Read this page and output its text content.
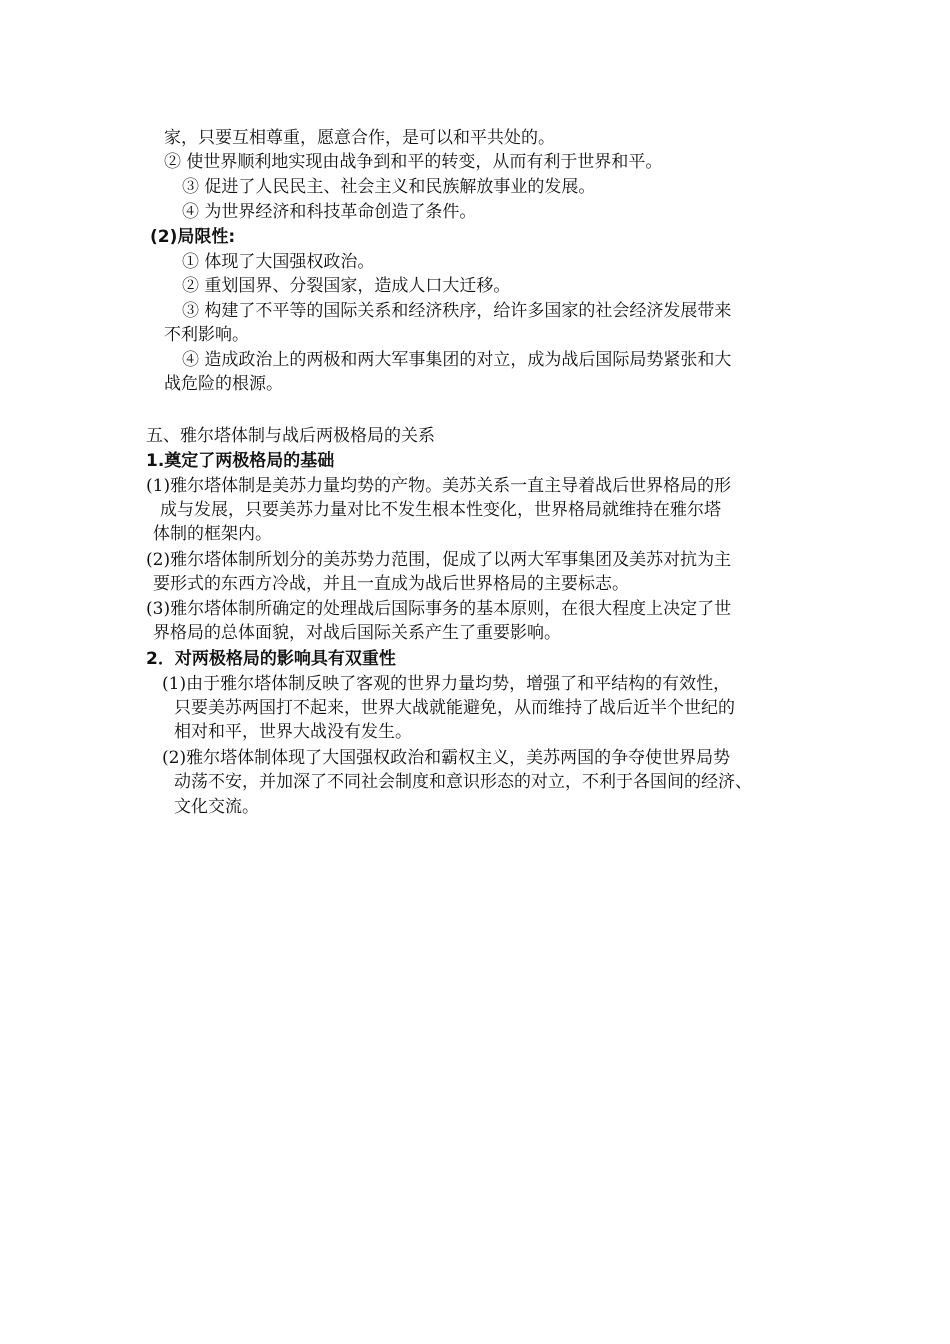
家，只要互相尊重，愿意合作，是可以和平共处的。
② 使世界顺利地实现由战争到和平的转变，从而有利于世界和平。
③ 促进了人民民主、社会主义和民族解放事业的发展。
④ 为世界经济和科技革命创造了条件。
(2)局限性:
① 体现了大国强权政治。
② 重划国界、分裂国家，造成人口大迁移。
③ 构建了不平等的国际关系和经济秩序，给许多国家的社会经济发展带来
不利影响。
④ 造成政治上的两极和两大军事集团的对立，成为战后国际局势紧张和大
战危险的根源。
五、雅尔塔体制与战后两极格局的关系
1.奠定了两极格局的基础
(1)雅尔塔体制是美苏力量均势的产物。美苏关系一直主导着战后世界格局的形
成与发展，只要美苏力量对比不发生根本性变化，世界格局就维持在雅尔塔
体制的框架内。
(2)雅尔塔体制所划分的美苏势力范围，促成了以两大军事集团及美苏对抗为主
要形式的东西方冷战，并且一直成为战后世界格局的主要标志。
(3)雅尔塔体制所确定的处理战后国际事务的基本原则，在很大程度上决定了世
界格局的总体面貌，对战后国际关系产生了重要影响。
2．对两极格局的影响具有双重性
(1)由于雅尔塔体制反映了客观的世界力量均势，增强了和平结构的有效性，
只要美苏两国打不起来，世界大战就能避免，从而维持了战后近半个世纪的
相对和平，世界大战没有发生。
(2)雅尔塔体制体现了大国强权政治和霸权主义，美苏两国的争夺使世界局势
动荡不安，并加深了不同社会制度和意识形态的对立，不利于各国间的经济、
文化交流。
